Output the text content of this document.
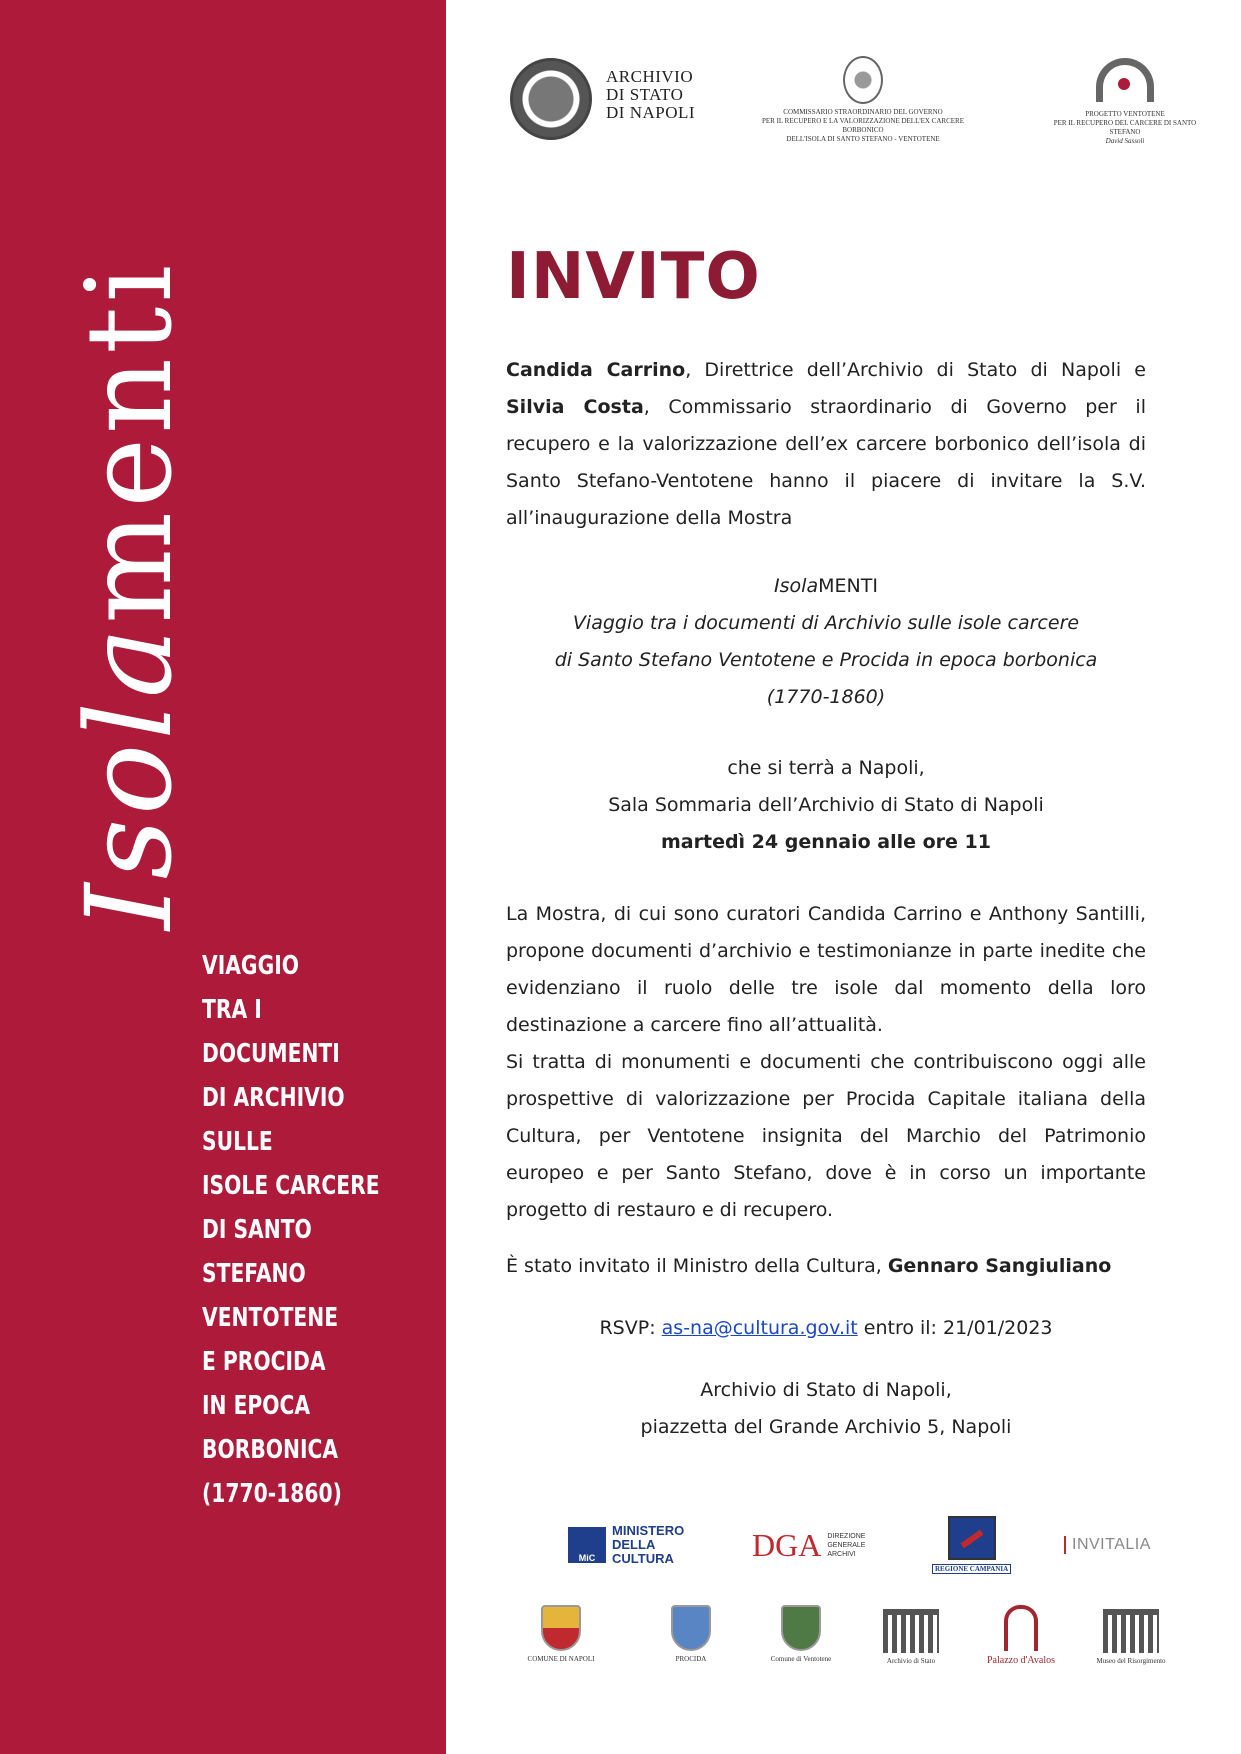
Isolamenti
VIAGGIO
TRA I DOCUMENTI
DI ARCHIVIO SULLE
ISOLE CARCERE
DI SANTO STEFANO
VENTOTENE
E PROCIDA
IN EPOCA
BORBONICA
(1770-1860)
ARCHIVIO
DI STATO
DI NAPOLI	COMMISSARIO STRAORDINARIO DEL GOVERNO
PER IL RECUPERO E LA VALORIZZAZIONE DELL'EX CARCERE BORBONICO
DELL'ISOLA DI SANTO STEFANO - VENTOTENE
PROGETTO VENTOTENE
PER IL RECUPERO DEL CARCERE DI SANTO STEFANO
David Sassoli
INVITO

Candida Carrino, Direttrice dell’Archivio di Stato di Napoli e Silvia Costa, Commissario straordinario di Governo per il recupero e la valorizzazione dell’ex carcere borbonico dell’isola di Santo Stefano-Ventotene hanno il piacere di invitare la S.V. all’inaugurazione della Mostra

IsolaMENTI
Viaggio tra i documenti di Archivio sulle isole carcere
di Santo Stefano Ventotene e Procida in epoca borbonica
(1770-1860)
che si terrà a Napoli,
Sala Sommaria dell’Archivio di Stato di Napoli
martedì 24 gennaio alle ore 11

La Mostra, di cui sono curatori Candida Carrino e Anthony Santilli, propone documenti d’archivio e testimonianze in parte inedite che evidenziano il ruolo delle tre isole dal momento della loro destinazione a carcere fino all’attualità.
Si tratta di monumenti e documenti che contribuiscono oggi alle prospettive di valorizzazione per Procida Capitale italiana della Cultura, per Ventotene insignita del Marchio del Patrimonio europeo e per Santo Stefano, dove è in corso un importante progetto di restauro e di recupero.

È stato invitato il Ministro della Cultura, Gennaro Sangiuliano

RSVP: as-na@cultura.gov.it entro il: 21/01/2023
Archivio di Stato di Napoli,
piazzetta del Grande Archivio 5, Napoli
MiC
MINISTERO
DELLA
CULTURA	DGA DIREZIONE
GENERALE
ARCHIVI
REGIONE CAMPANIA
INVITALIA
COMUNE DI NAPOLI	PROCIDA	Comune di Ventotene	Archivio di Stato	Palazzo d'Avalos	Museo del Risorgimento
